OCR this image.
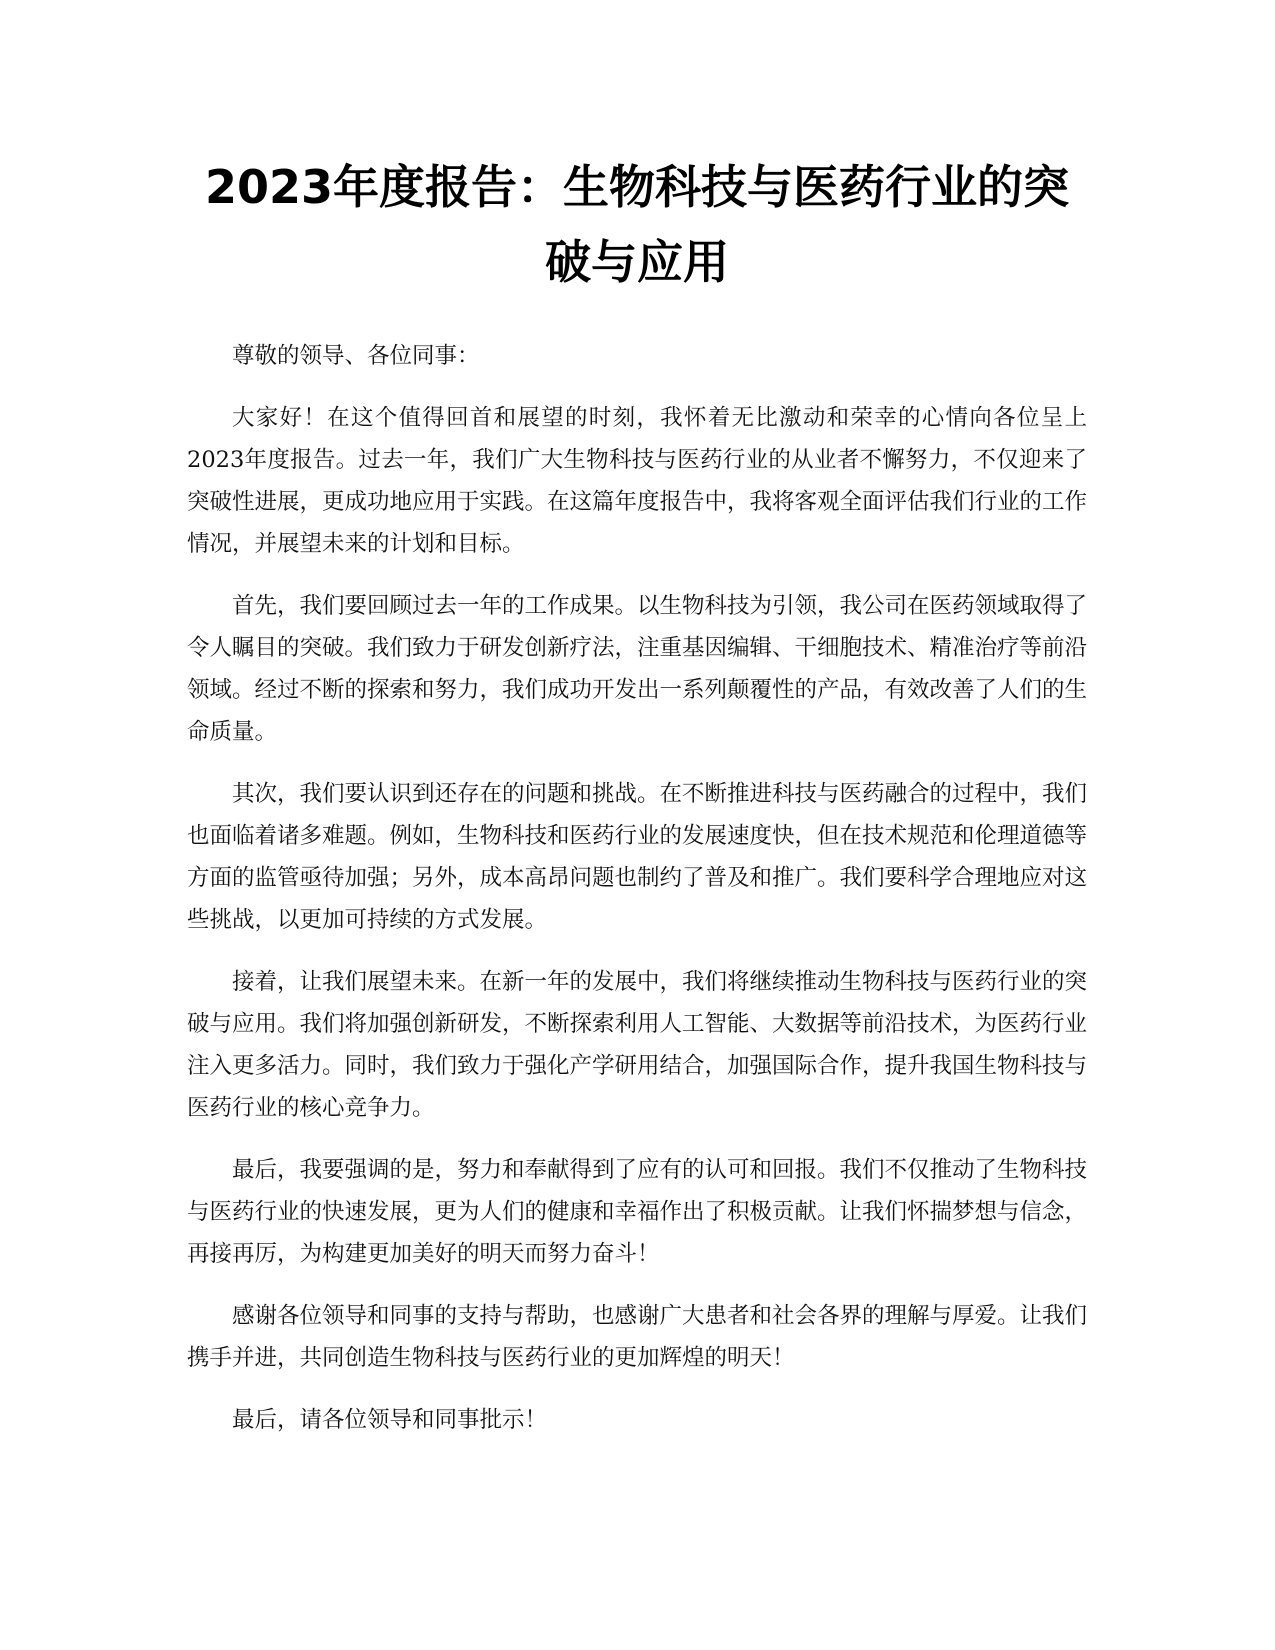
2023年度报告：生物科技与医药行业的突破与应用

尊敬的领导、各位同事：

大家好！在这个值得回首和展望的时刻，我怀着无比激动和荣幸的心情向各位呈上2023年度报告。过去一年，我们广大生物科技与医药行业的从业者不懈努力，不仅迎来了突破性进展，更成功地应用于实践。在这篇年度报告中，我将客观全面评估我们行业的工作情况，并展望未来的计划和目标。

首先，我们要回顾过去一年的工作成果。以生物科技为引领，我公司在医药领域取得了令人瞩目的突破。我们致力于研发创新疗法，注重基因编辑、干细胞技术、精准治疗等前沿领域。经过不断的探索和努力，我们成功开发出一系列颠覆性的产品，有效改善了人们的生命质量。

其次，我们要认识到还存在的问题和挑战。在不断推进科技与医药融合的过程中，我们也面临着诸多难题。例如，生物科技和医药行业的发展速度快，但在技术规范和伦理道德等方面的监管亟待加强；另外，成本高昂问题也制约了普及和推广。我们要科学合理地应对这些挑战，以更加可持续的方式发展。

接着，让我们展望未来。在新一年的发展中，我们将继续推动生物科技与医药行业的突破与应用。我们将加强创新研发，不断探索利用人工智能、大数据等前沿技术，为医药行业注入更多活力。同时，我们致力于强化产学研用结合，加强国际合作，提升我国生物科技与医药行业的核心竞争力。

最后，我要强调的是，努力和奉献得到了应有的认可和回报。我们不仅推动了生物科技与医药行业的快速发展，更为人们的健康和幸福作出了积极贡献。让我们怀揣梦想与信念，再接再厉，为构建更加美好的明天而努力奋斗！

感谢各位领导和同事的支持与帮助，也感谢广大患者和社会各界的理解与厚爱。让我们携手并进，共同创造生物科技与医药行业的更加辉煌的明天！

最后，请各位领导和同事批示！
